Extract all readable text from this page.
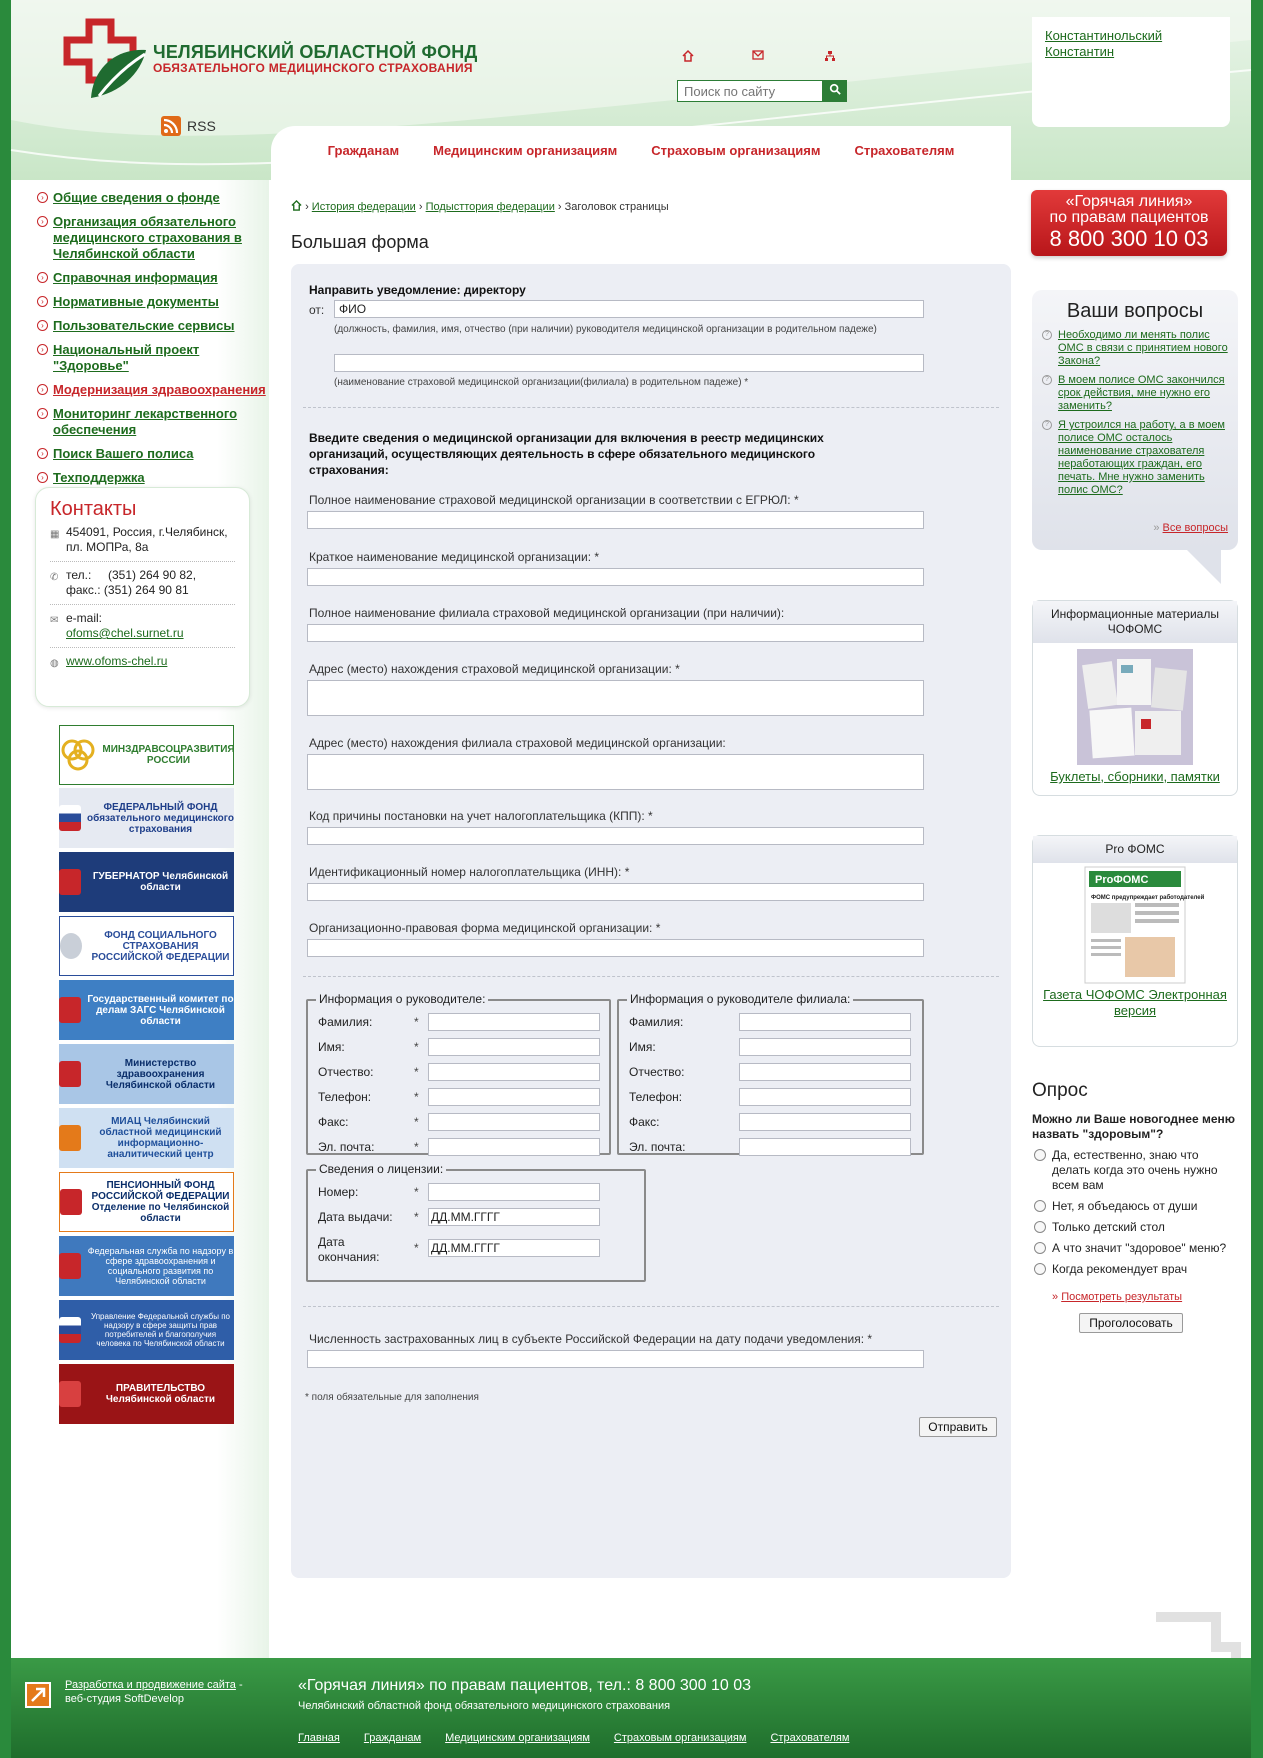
ЧЕЛЯБИНСКИЙ ОБЛАСТНОЙ ФОНД
ОБЯЗАТЕЛЬНОГО МЕДИЦИНСКОГО СТРАХОВАНИЯ
RSS
Поиск по сайту
Константинольский Константин
Гражданам	Медицинским организациям	Страховым организациям	Страхователям
› Общие сведения о фонде
› Организация обязательного медицинского страхования в Челябинской области
› Справочная информация
› Нормативные документы
› Пользовательские сервисы
› Национальный проект "Здоровье"
› Модернизация здравоохранения
› Мониторинг лекарственного обеспечения
› Поиск Вашего полиса
› Техподдержка
Контакты
▦ 454091, Россия, г.Челябинск, пл. МОПРа, 8а
✆ тел.:     (351) 264 90 82,
факс.: (351) 264 90 81
✉ e-mail:
ofoms@chel.surnet.ru
◍ www.ofoms-chel.ru
МИНЗДРАВСОЦРАЗВИТИЯ РОССИИ
ФЕДЕРАЛЬНЫЙ ФОНД обязательного медицинского страхования
ГУБЕРНАТОР Челябинской области
ФОНД СОЦИАЛЬНОГО СТРАХОВАНИЯ РОССИЙСКОЙ ФЕДЕРАЦИИ
Государственный комитет по делам ЗАГС Челябинской области
Министерство здравоохранения Челябинской области
МИАЦ Челябинский областной медицинский информационно-аналитический центр
ПЕНСИОННЫЙ ФОНД РОССИЙСКОЙ ФЕДЕРАЦИИ Отделение по Челябинской области
Федеральная служба по надзору в сфере здравоохранения и социального развития по Челябинской области
Управление Федеральной службы по надзору в сфере защиты прав потребителей и благополучия человека по Челябинской области
ПРАВИТЕЛЬСТВО Челябинской области
› История федерации › Подысттория федерации › Заголовок страницы
Большая форма
Направить уведомление: директору
от:	ФИО
(должность, фамилия, имя, отчество (при наличии) руководителя медицинской организации в родительном падеже)
(наименование страховой медицинской организации(филиала) в родительном падеже) *
Введите сведения о медицинской организации для включения в реестр медицинских организаций, осуществляющих деятельность в сфере обязательного медицинского страхования:
Полное наименование страховой медицинской организации в соответствии с ЕГРЮЛ: *
Краткое наименование медицинской организации: *
Полное наименование филиала страховой медицинской организации (при наличии):
Адрес (место) нахождения страховой медицинской организации: *
Адрес (место) нахождения филиала страховой медицинской организации:
Код причины постановки на учет налогоплательщика (КПП): *
Идентификационный номер налогоплательщика (ИНН): *
Организационно-правовая форма медицинской организации: *
Информация о руководителе:
Фамилия:	*
Имя:	*
Отчество:	*
Телефон:	*
Факс:	*
Эл. почта:	*
Информация о руководителе филиала:
Фамилия:
Имя:
Отчество:
Телефон:
Факс:
Эл. почта:
Сведения о лицензии:
Номер:	*
Дата выдачи: * ДД.ММ.ГГГГ
Дата окончания:
* ДД.ММ.ГГГГ
Численность застрахованных лиц в субъекте Российской Федерации на дату подачи уведомления: *
* поля обязательные для заполнения
Отправить
«Горячая линия»
по правам пациентов
8 800 300 10 03
Ваши вопросы
? Необходимо ли менять полис ОМС в связи с принятием нового Закона?
? В моем полисе ОМС закончился срок действия, мне нужно его заменить?
? Я устроился на работу, а в моем полисе ОМС осталось наименование страхователя неработающих граждан, его печать. Мне нужно заменить полис ОМС?
» Все вопросы
Информационные материалы ЧОФОМС
Буклеты, сборники, памятки
Pro ФОМС
ProФОМС
ФОМС предупреждает работодателей
Газета ЧОФОМС Электронная версия
Опрос
Можно ли Ваше новогоднее меню назвать "здоровым"?
Да, естественно, знаю что делать когда это очень нужно всем вам
Нет, я объедаюсь от души
Только детский стол
А что значит "здоровое" меню?
Когда рекомендует врач
» Посмотреть результаты
Проголосовать
Разработка и продвижение сайта -
веб-студия SoftDevelop
«Горячая линия» по правам пациентов, тел.: 8 800 300 10 03
Челябинский областной фонд обязательного медицинского страхования
Главная Гражданам Медицинским организациям Страховым организациям Страхователям
